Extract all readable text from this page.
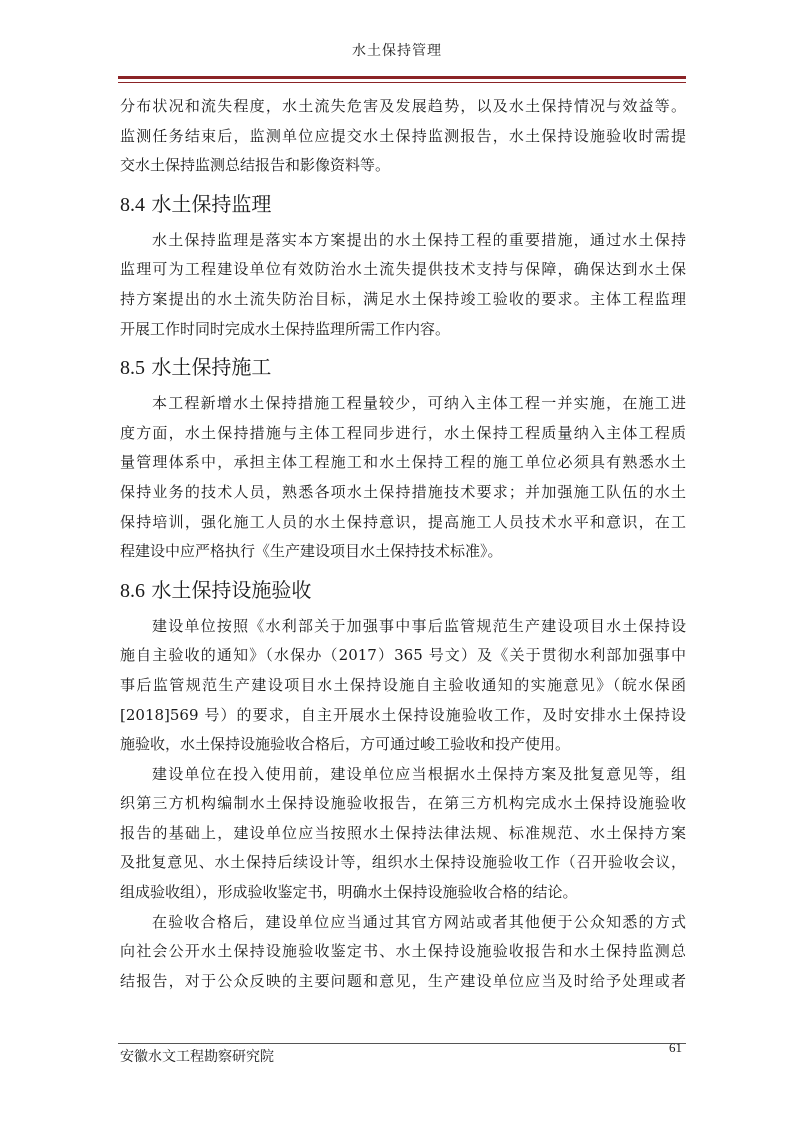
水土保持管理

分布状况和流失程度，水土流失危害及发展趋势，以及水土保持情况与效益等。

监测任务结束后，监测单位应提交水土保持监测报告，水土保持设施验收时需提

交水土保持监测总结报告和影像资料等。

8.4 水土保持监理

水土保持监理是落实本方案提出的水土保持工程的重要措施，通过水土保持

监理可为工程建设单位有效防治水土流失提供技术支持与保障，确保达到水土保

持方案提出的水土流失防治目标，满足水土保持竣工验收的要求。主体工程监理

开展工作时同时完成水土保持监理所需工作内容。

8.5 水土保持施工

本工程新增水土保持措施工程量较少，可纳入主体工程一并实施，在施工进

度方面，水土保持措施与主体工程同步进行，水土保持工程质量纳入主体工程质

量管理体系中，承担主体工程施工和水土保持工程的施工单位必须具有熟悉水土

保持业务的技术人员，熟悉各项水土保持措施技术要求；并加强施工队伍的水土

保持培训，强化施工人员的水土保持意识，提高施工人员技术水平和意识，在工

程建设中应严格执行《生产建设项目水土保持技术标准》。

8.6 水土保持设施验收

建设单位按照《水利部关于加强事中事后监管规范生产建设项目水土保持设

施自主验收的通知》（水保办（2017）365 号文）及《关于贯彻水利部加强事中

事后监管规范生产建设项目水土保持设施自主验收通知的实施意见》（皖水保函

[2018]569 号）的要求，自主开展水土保持设施验收工作，及时安排水土保持设

施验收，水土保持设施验收合格后，方可通过峻工验收和投产使用。

建设单位在投入使用前，建设单位应当根据水土保持方案及批复意见等，组

织第三方机构编制水土保持设施验收报告，在第三方机构完成水土保持设施验收

报告的基础上，建设单位应当按照水土保持法律法规、标准规范、水土保持方案

及批复意见、水土保持后续设计等，组织水土保持设施验收工作（召开验收会议，

组成验收组），形成验收鉴定书，明确水土保持设施验收合格的结论。

在验收合格后，建设单位应当通过其官方网站或者其他便于公众知悉的方式

向社会公开水土保持设施验收鉴定书、水土保持设施验收报告和水土保持监测总

结报告，对于公众反映的主要问题和意见，生产建设单位应当及时给予处理或者

安徽水文工程勘察研究院
61
